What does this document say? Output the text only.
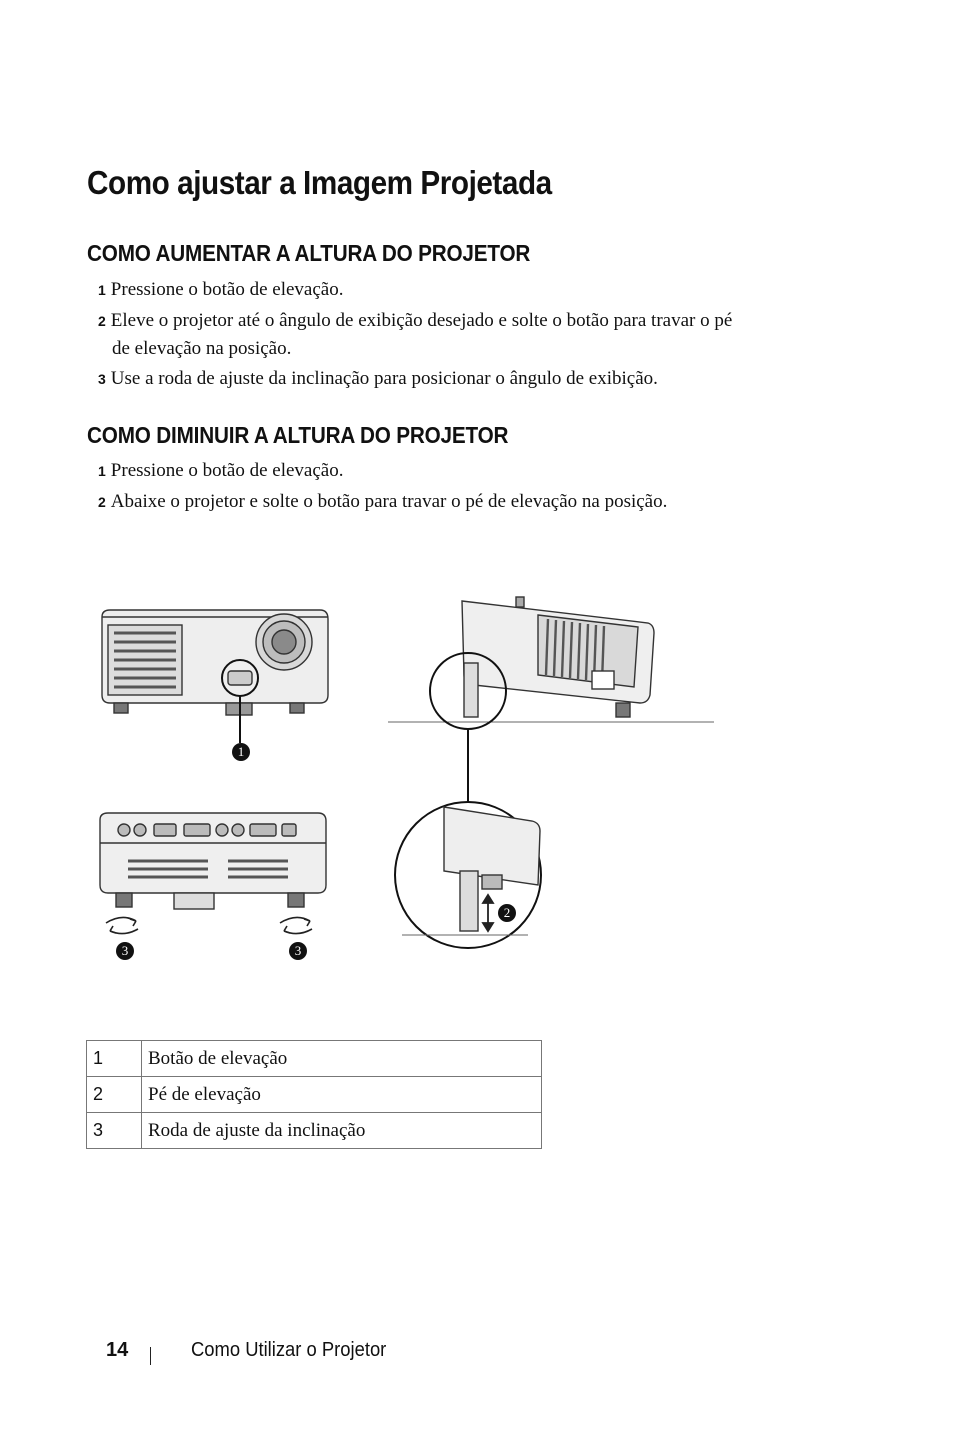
Como ajustar a Imagem Projetada
COMO AUMENTAR A ALTURA DO PROJETOR
1 Pressione o botão de elevação.
2 Eleve o projetor até o ângulo de exibição desejado e solte o botão para travar o pé
de elevação na posição.
3 Use a roda de ajuste da inclinação para posicionar o ângulo de exibição.
COMO DIMINUIR A ALTURA DO PROJETOR
1 Pressione o botão de elevação.
2 Abaixe o projetor e solte o botão para travar o pé de elevação na posição.
1
2
3	3
1	Botão de elevação
2	Pé de elevação
3	Roda de ajuste da inclinação
14	Como Utilizar o Projetor
